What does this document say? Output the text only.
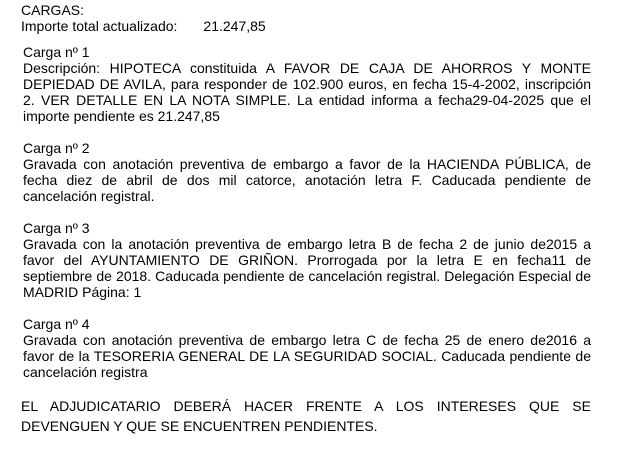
CARGAS:
Importe total actualizado: 21.247,85
Carga nº 1
Descripción: HIPOTECA constituida A FAVOR DE CAJA DE AHORROS Y MONTE DEPIEDAD DE AVILA, para responder de 102.900 euros, en fecha 15-4-2002, inscripción 2. VER DETALLE EN LA NOTA SIMPLE. La entidad informa a fecha29-04-2025 que el importe pendiente es 21.247,85
Carga nº 2
Gravada con anotación preventiva de embargo a favor de la HACIENDA PÚBLICA, de fecha diez de abril de dos mil catorce, anotación letra F. Caducada pendiente de cancelación registral.
Carga nº 3
Gravada con la anotación preventiva de embargo letra B de fecha 2 de junio de2015 a favor del AYUNTAMIENTO DE GRIÑON. Prorrogada por la letra E en fecha11 de septiembre de 2018. Caducada pendiente de cancelación registral. Delegación Especial de MADRID Página: 1
Carga nº 4
Gravada con anotación preventiva de embargo letra C de fecha 25 de enero de2016 a favor de la TESORERIA GENERAL DE LA SEGURIDAD SOCIAL. Caducada pendiente de cancelación registra
EL ADJUDICATARIO DEBERÁ HACER FRENTE A LOS INTERESES QUE SE DEVENGUEN Y QUE SE ENCUENTREN PENDIENTES.
